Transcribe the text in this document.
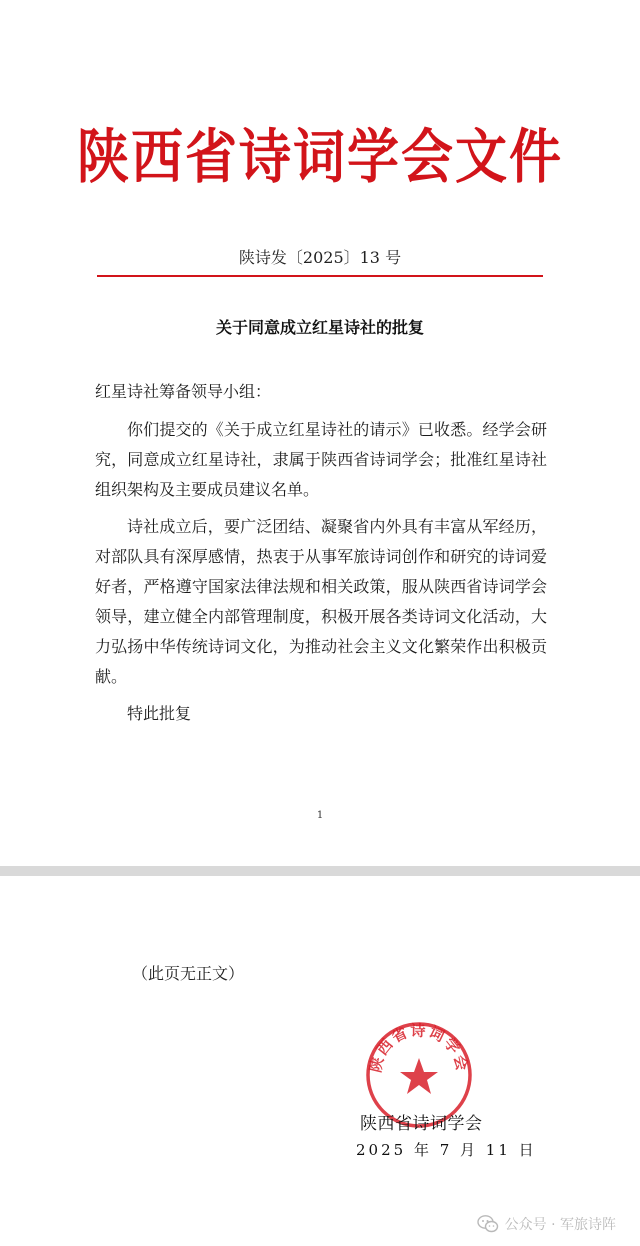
陕西省诗词学会文件
陕诗发〔2025〕13 号
关于同意成立红星诗社的批复

红星诗社筹备领导小组：

你们提交的《关于成立红星诗社的请示》已收悉。经学会研究，同意成立红星诗社，隶属于陕西省诗词学会；批准红星诗社组织架构及主要成员建议名单。

诗社成立后，要广泛团结、凝聚省内外具有丰富从军经历，对部队具有深厚感情，热衷于从事军旅诗词创作和研究的诗词爱好者，严格遵守国家法律法规和相关政策，服从陕西省诗词学会领导，建立健全内部管理制度，积极开展各类诗词文化活动，大力弘扬中华传统诗词文化，为推动社会主义文化繁荣作出积极贡献。

特此批复

1
（此页无正文）
陕西省诗词学会
陕西省诗词学会
2025 年 7 月 11 日
公众号 · 军旅诗阵
